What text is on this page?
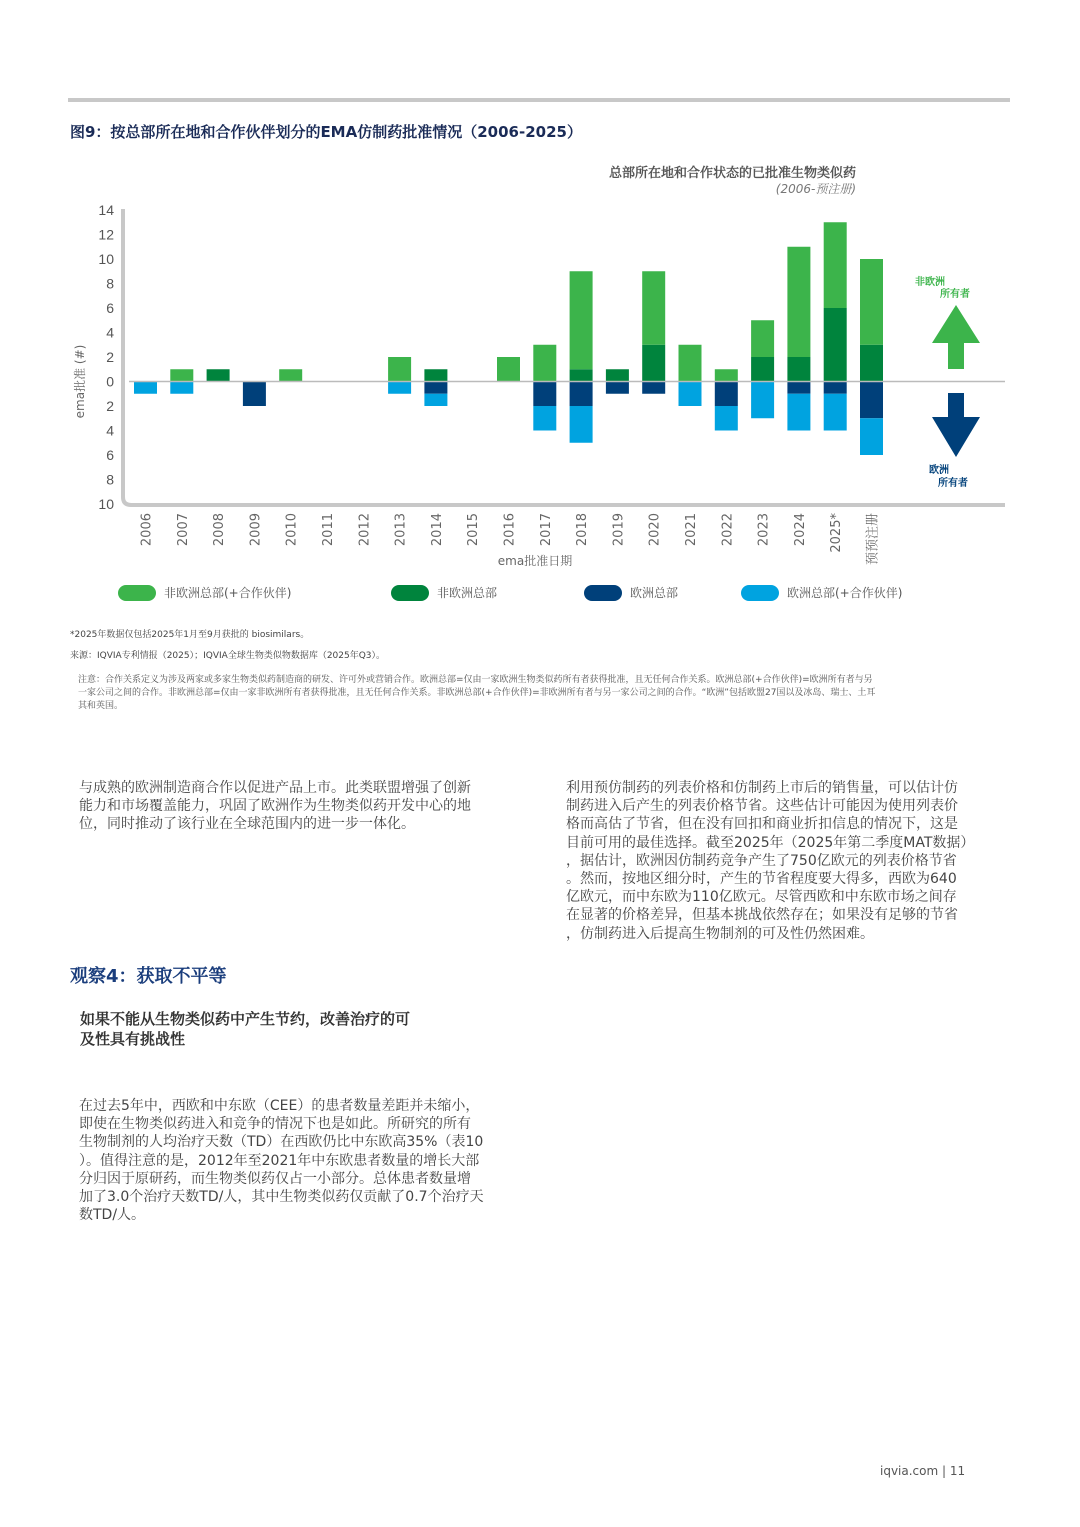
图9：按总部所在地和合作伙伴划分的EMA仿制药批准情况（2006-2025）
总部所在地和合作状态的已批准生物类似药
(2006-预注册)
14
12
10
8
6
4
2
0
2
4
6
8
10
ema批准 (#)
2006 2007 2008 2009 2010 2011 2012 2013 2014 2015 2016 2017 2018 2019 2020 2021 2022 2023 2024 2025* 预预注册
ema批准日期
非欧洲
所有者
欧洲
所有者
非欧洲总部(+合作伙伴)	非欧洲总部	欧洲总部	欧洲总部(+合作伙伴)
*2025年数据仅包括2025年1月至9月获批的 biosimilars。
来源：IQVIA专利情报（2025）；IQVIA全球生物类似物数据库（2025年Q3）。
注意：合作关系定义为涉及两家或多家生物类似药制造商的研发、许可外或营销合作。欧洲总部=仅由一家欧洲生物类似药所有者获得批准，且无任何合作关系。欧洲总部(+合作伙伴)=欧洲所有者与另
一家公司之间的合作。非欧洲总部=仅由一家非欧洲所有者获得批准，且无任何合作关系。非欧洲总部(+合作伙伴)=非欧洲所有者与另一家公司之间的合作。“欧洲”包括欧盟27国以及冰岛、瑞士、土耳
其和英国。
与成熟的欧洲制造商合作以促进产品上市。此类联盟增强了创新
能力和市场覆盖能力，巩固了欧洲作为生物类似药开发中心的地
位，同时推动了该行业在全球范围内的进一步一体化。
利用预仿制药的列表价格和仿制药上市后的销售量，可以估计仿
制药进入后产生的列表价格节省。这些估计可能因为使用列表价
格而高估了节省，但在没有回扣和商业折扣信息的情况下，这是
目前可用的最佳选择。截至2025年（2025年第二季度MAT数据）
，据估计，欧洲因仿制药竞争产生了750亿欧元的列表价格节省
。然而，按地区细分时，产生的节省程度要大得多，西欧为640
亿欧元，而中东欧为110亿欧元。尽管西欧和中东欧市场之间存
在显著的价格差异，但基本挑战依然存在；如果没有足够的节省
，仿制药进入后提高生物制剂的可及性仍然困难。
观察4：获取不平等
如果不能从生物类似药中产生节约，改善治疗的可
及性具有挑战性
在过去5年中，西欧和中东欧（CEE）的患者数量差距并未缩小，
即使在生物类似药进入和竞争的情况下也是如此。所研究的所有
生物制剂的人均治疗天数（TD）在西欧仍比中东欧高35%（表10
）。值得注意的是，2012年至2021年中东欧患者数量的增长大部
分归因于原研药，而生物类似药仅占一小部分。总体患者数量增
加了3.0个治疗天数TD/人，其中生物类似药仅贡献了0.7个治疗天
数TD/人。
iqvia.com | 11
